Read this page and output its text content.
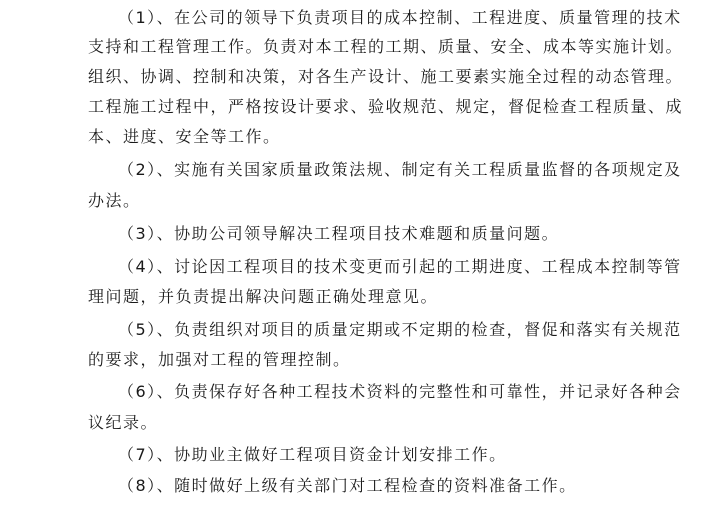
（1）、在公司的领导下负责项目的成本控制、工程进度、质量管理的技术
支持和工程管理工作。负责对本工程的工期、质量、安全、成本等实施计划。
组织、协调、控制和决策，对各生产设计、施工要素实施全过程的动态管理。
工程施工过程中，严格按设计要求、验收规范、规定，督促检查工程质量、成
本、进度、安全等工作。
（2）、实施有关国家质量政策法规、制定有关工程质量监督的各项规定及
办法。
（3）、协助公司领导解决工程项目技术难题和质量问题。
（4）、讨论因工程项目的技术变更而引起的工期进度、工程成本控制等管
理问题，并负责提出解决问题正确处理意见。
（5）、负责组织对项目的质量定期或不定期的检查，督促和落实有关规范
的要求，加强对工程的管理控制。
（6）、负责保存好各种工程技术资料的完整性和可靠性，并记录好各种会
议纪录。
（7）、协助业主做好工程项目资金计划安排工作。
（8）、随时做好上级有关部门对工程检查的资料准备工作。
